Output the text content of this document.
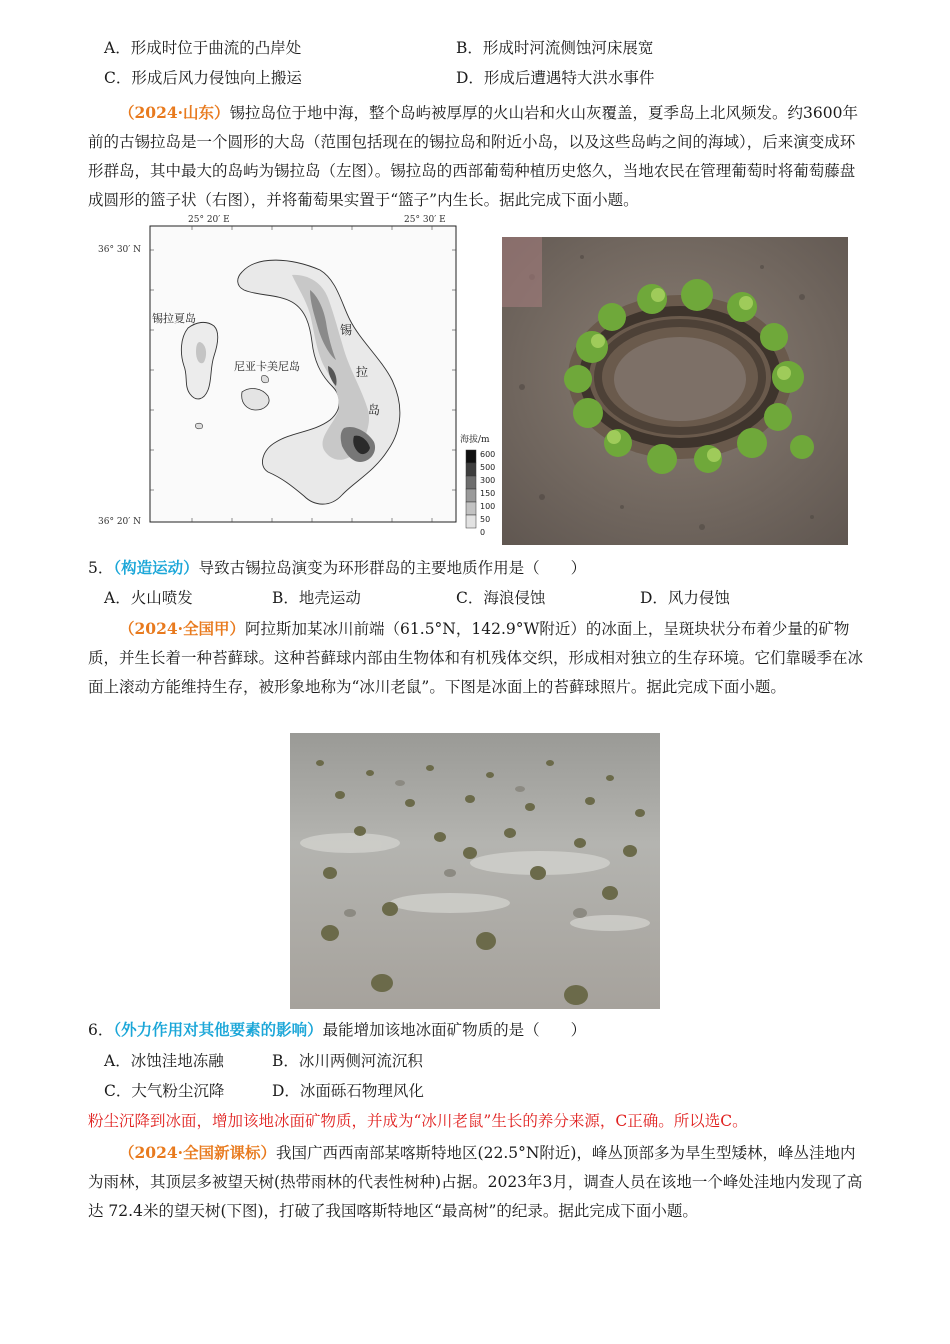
A．形成时位于曲流的凸岸处	B．形成时河流侧蚀河床展宽
C．形成后风力侵蚀向上搬运	D．形成后遭遇特大洪水事件

（2024·山东）锡拉岛位于地中海，整个岛屿被厚厚的火山岩和火山灰覆盖，夏季岛上北风频发。约3600年前的古锡拉岛是一个圆形的大岛（范围包括现在的锡拉岛和附近小岛，以及这些岛屿之间的海域），后来演变成环形群岛，其中最大的岛屿为锡拉岛（左图）。锡拉岛的西部葡萄种植历史悠久，当地农民在管理葡萄时将葡萄藤盘成圆形的篮子状（右图），并将葡萄果实置于“篮子”内生长。据此完成下面小题。

25° 20′ E	25° 30′ E
36° 30′ N
36° 20′ N
锡拉夏岛
尼亚卡美尼岛
锡
拉
岛
海拔/m
600
500
300
150
100
50
0
5．（构造运动）导致古锡拉岛演变为环形群岛的主要地质作用是（　　）
A．火山喷发	B．地壳运动	C．海浪侵蚀	D．风力侵蚀

（2024·全国甲）阿拉斯加某冰川前端（61.5°N，142.9°W附近）的冰面上，呈斑块状分布着少量的矿物质，并生长着一种苔藓球。这种苔藓球内部由生物体和有机残体交织，形成相对独立的生存环境。它们靠暖季在冰面上滚动方能维持生存，被形象地称为“冰川老鼠”。下图是冰面上的苔藓球照片。据此完成下面小题。

6．（外力作用对其他要素的影响）最能增加该地冰面矿物质的是（　　）
A．冰蚀洼地冻融	B．冰川两侧河流沉积
C．大气粉尘沉降	D．冰面砾石物理风化
粉尘沉降到冰面，增加该地冰面矿物质，并成为“冰川老鼠”生长的养分来源，C正确。所以选C。

（2024·全国新课标）我国广西西南部某喀斯特地区(22.5°N附近)，峰丛顶部多为旱生型矮林，峰丛洼地内为雨林，其顶层多被望天树(热带雨林的代表性树种)占据。2023年3月，调查人员在该地一个峰处洼地内发现了高达 72.4米的望天树(下图)，打破了我国喀斯特地区“最高树”的纪录。据此完成下面小题。
